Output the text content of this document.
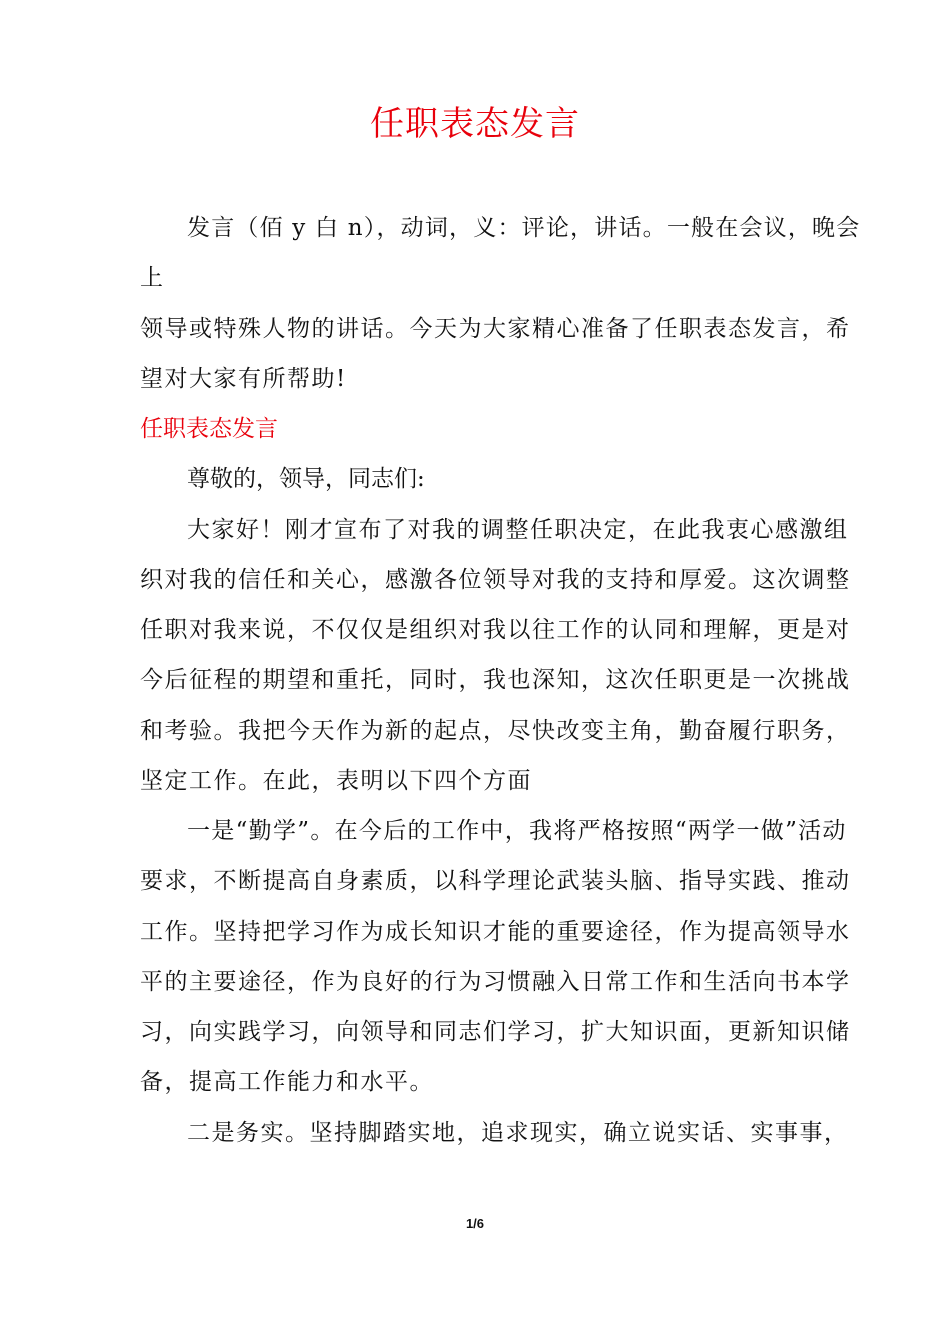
任职表态发言
发言（佰 y 白 n），动词，义：评论，讲话。一般在会议，晚会
上
领导或特殊人物的讲话。今天为大家精心准备了任职表态发言，希
望对大家有所帮助!
任职表态发言
尊敬的，领导，同志们:
大家好！刚才宣布了对我的调整任职决定，在此我衷心感激组
织对我的信任和关心，感激各位领导对我的支持和厚爱。这次调整
任职对我来说，不仅仅是组织对我以往工作的认同和理解，更是对
今后征程的期望和重托，同时，我也深知，这次任职更是一次挑战
和考验。我把今天作为新的起点，尽快改变主角，勤奋履行职务，
坚定工作。在此，表明以下四个方面
一是“勤学”。在今后的工作中，我将严格按照“两学一做”活动
要求，不断提高自身素质，以科学理论武装头脑、指导实践、推动
工作。坚持把学习作为成长知识才能的重要途径，作为提高领导水
平的主要途径，作为良好的行为习惯融入日常工作和生活向书本学
习，向实践学习，向领导和同志们学习，扩大知识面，更新知识储
备，提高工作能力和水平。
二是务实。坚持脚踏实地，追求现实，确立说实话、实事事，
1/6
